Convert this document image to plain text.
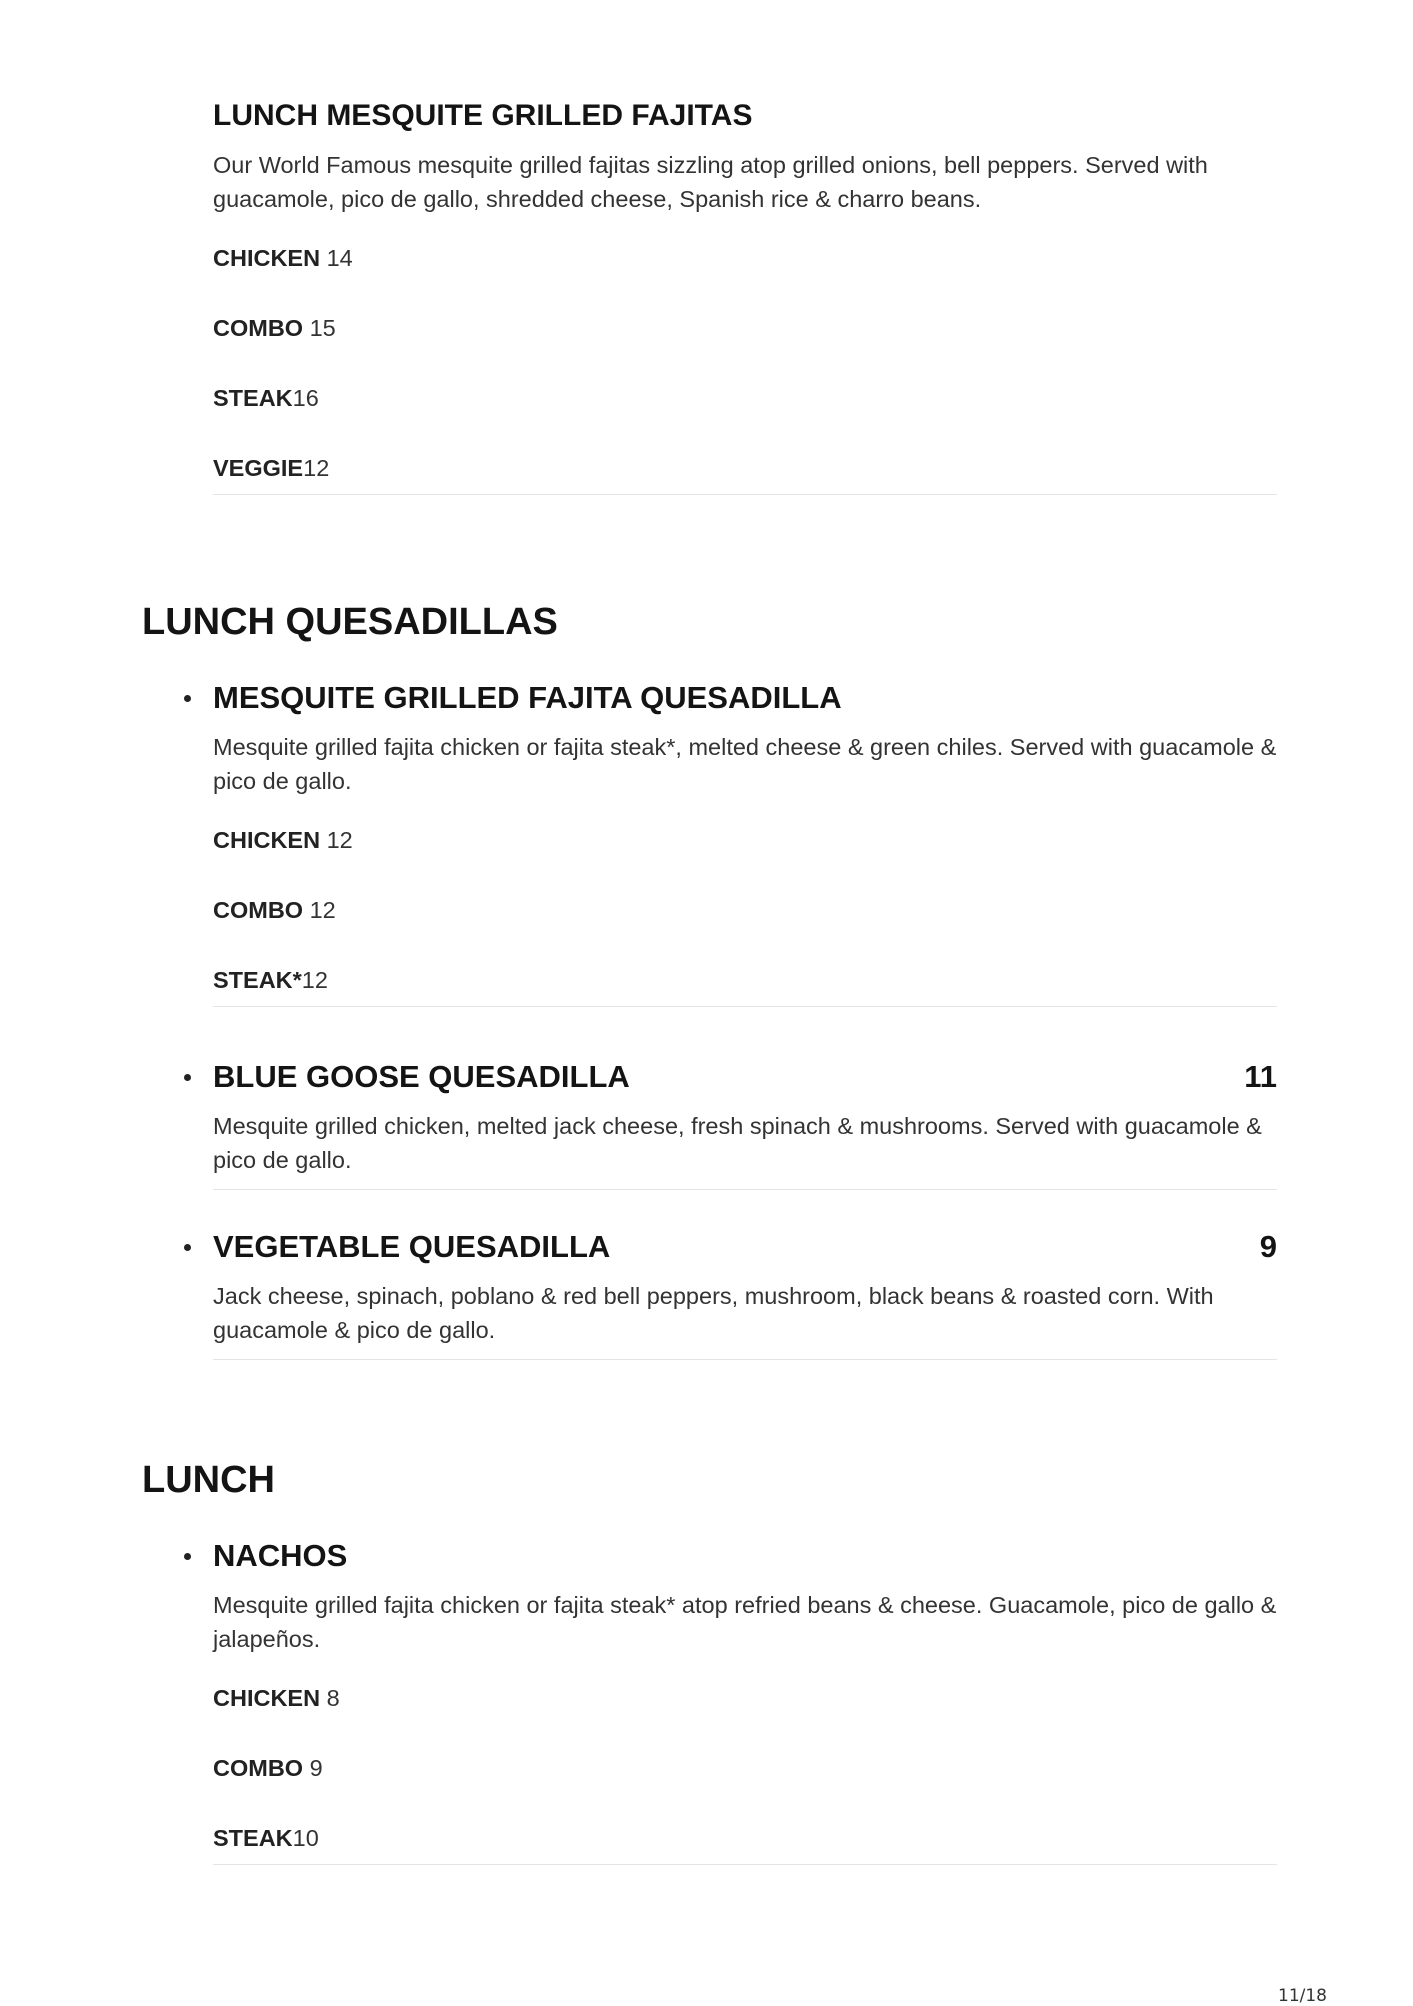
LUNCH MESQUITE GRILLED FAJITAS

Our World Famous mesquite grilled fajitas sizzling atop grilled onions, bell peppers. Served with guacamole, pico de gallo, shredded cheese, Spanish rice & charro beans.

CHICKEN 14
COMBO 15
STEAK16
VEGGIE12
LUNCH QUESADILLAS
MESQUITE GRILLED FAJITA QUESADILLA

Mesquite grilled fajita chicken or fajita steak*, melted cheese & green chiles. Served with guacamole & pico de gallo.

CHICKEN 12
COMBO 12
STEAK*12
BLUE GOOSE QUESADILLA	11

Mesquite grilled chicken, melted jack cheese, fresh spinach & mushrooms. Served with guacamole & pico de gallo.

VEGETABLE QUESADILLA	9

Jack cheese, spinach, poblano & red bell peppers, mushroom, black beans & roasted corn. With guacamole & pico de gallo.

LUNCH
NACHOS

Mesquite grilled fajita chicken or fajita steak* atop refried beans & cheese. Guacamole, pico de gallo & jalapeños.

CHICKEN 8
COMBO 9
STEAK10
11/18
